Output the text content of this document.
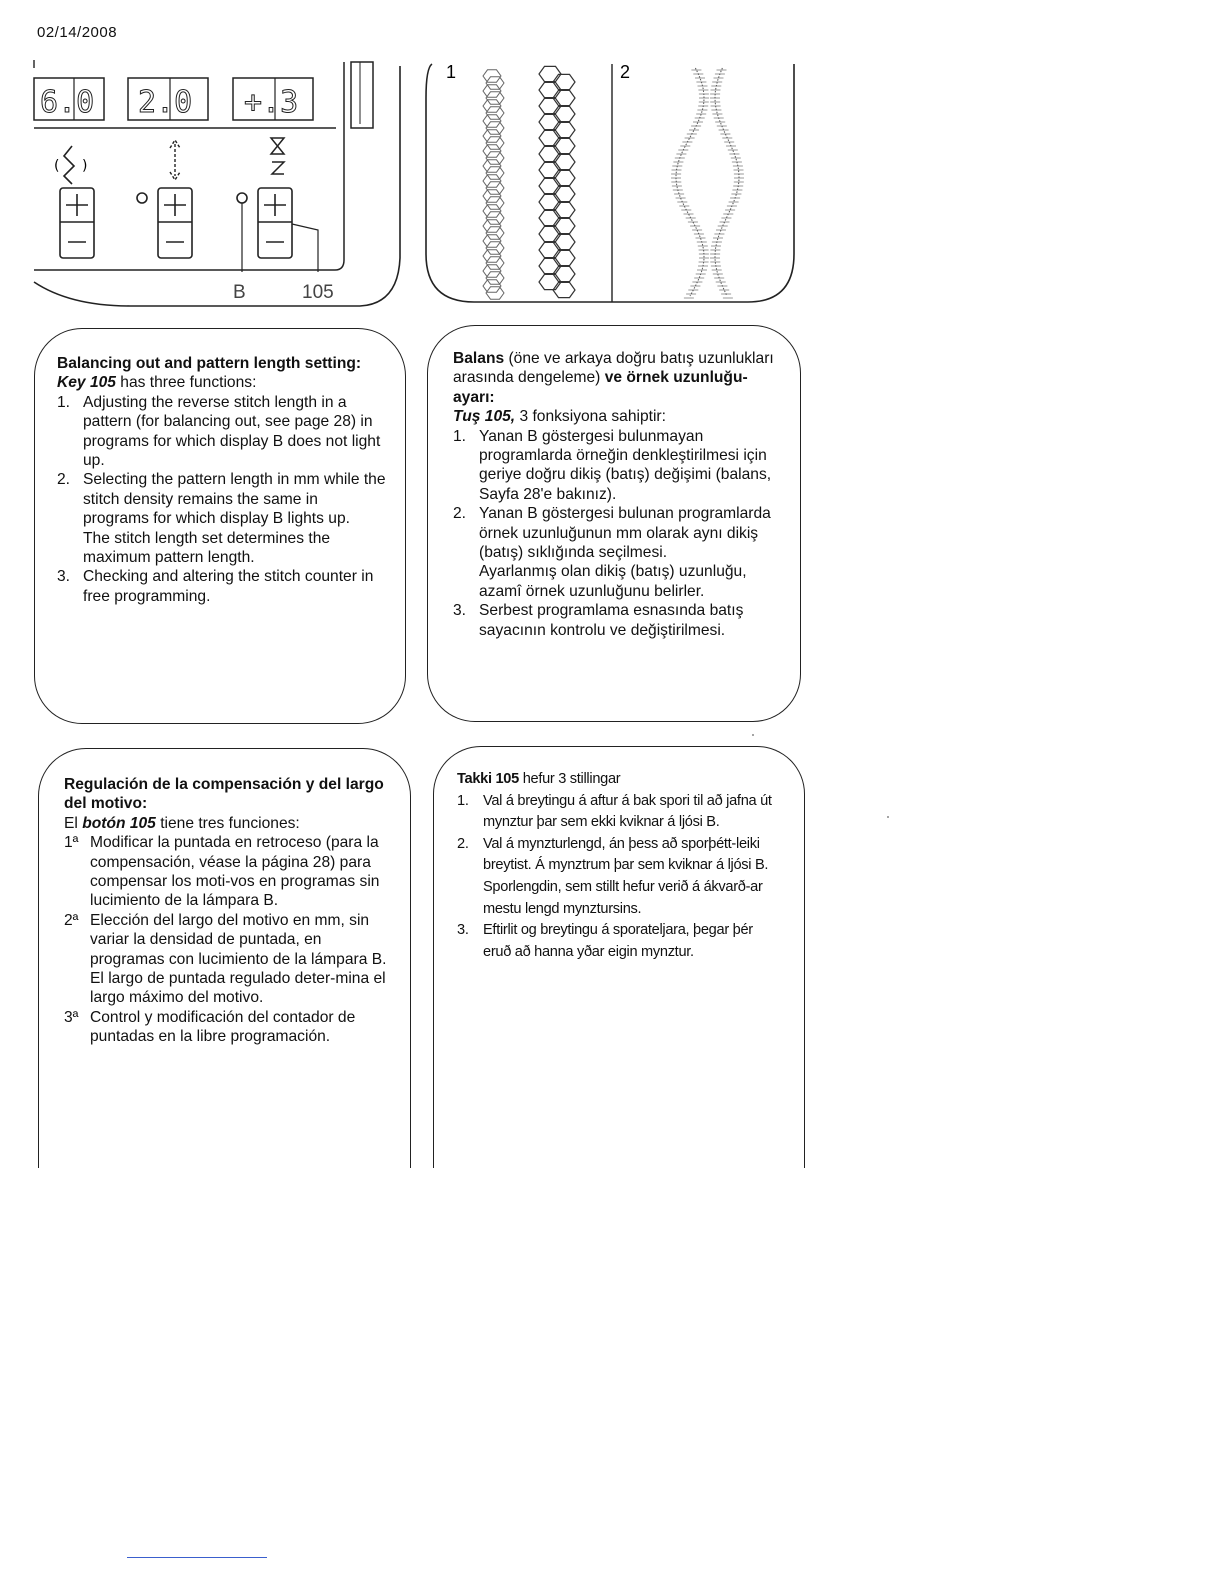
02/14/2008
( )
6.0 2.0 +.3
B	105
1	2

Balancing out and pattern length setting:

Key 105 has three functions:

1. Adjusting the reverse stitch length in a pattern (for balancing out, see page 28) in programs for which display B does not light up.
2. Selecting the pattern length in mm while the stitch density remains the same in programs for which display B lights up.
The stitch length set determines the maximum pattern length.
3. Checking and altering the stitch counter in free programming.

Balans (öne ve arkaya doğru batış uzunlukları arasında dengeleme) ve örnek uzunluğu-ayarı:

Tuş 105, 3 fonksiyona sahiptir:

1. Yanan B göstergesi bulunmayan programlarda örneğin denkleştirilmesi için geriye doğru dikiş (batış) değişimi (balans, Sayfa 28'e bakınız).
2. Yanan B göstergesi bulunan programlarda örnek uzunluğunun mm olarak aynı dikiş (batış) sıklığında seçilmesi.
Ayarlanmış olan dikiş (batış) uzunluğu, azamî örnek uzunluğunu belirler.
3. Serbest programlama esnasında batış sayacının kontrolu ve değiştirilmesi.

Regulación de la compensación y del largo del motivo:

El botón 105 tiene tres funciones:

1ª Modificar la puntada en retroceso (para la compensación, véase la página 28) para compensar los moti-vos en programas sin lucimiento de la lámpara B.
2ª Elección del largo del motivo en mm, sin variar la densidad de puntada, en programas con lucimiento de la lámpara B.
El largo de puntada regulado deter-mina el largo máximo del motivo.
3ª Control y modificación del contador de puntadas en la libre programación.

Takki 105 hefur 3 stillingar

1. Val á breytingu á aftur á bak spori til að jafna út mynztur þar sem ekki kviknar á ljósi B.
2. Val á mynzturlengd, án þess að sporþétt-leiki breytist. Á mynztrum þar sem kviknar á ljósi B.
Sporlengdin, sem stillt hefur verið á ákvarð-ar mestu lengd mynztursins.
3. Eftirlit og breytingu á sporateljara, þegar þér eruð að hanna yðar eigin mynztur.
